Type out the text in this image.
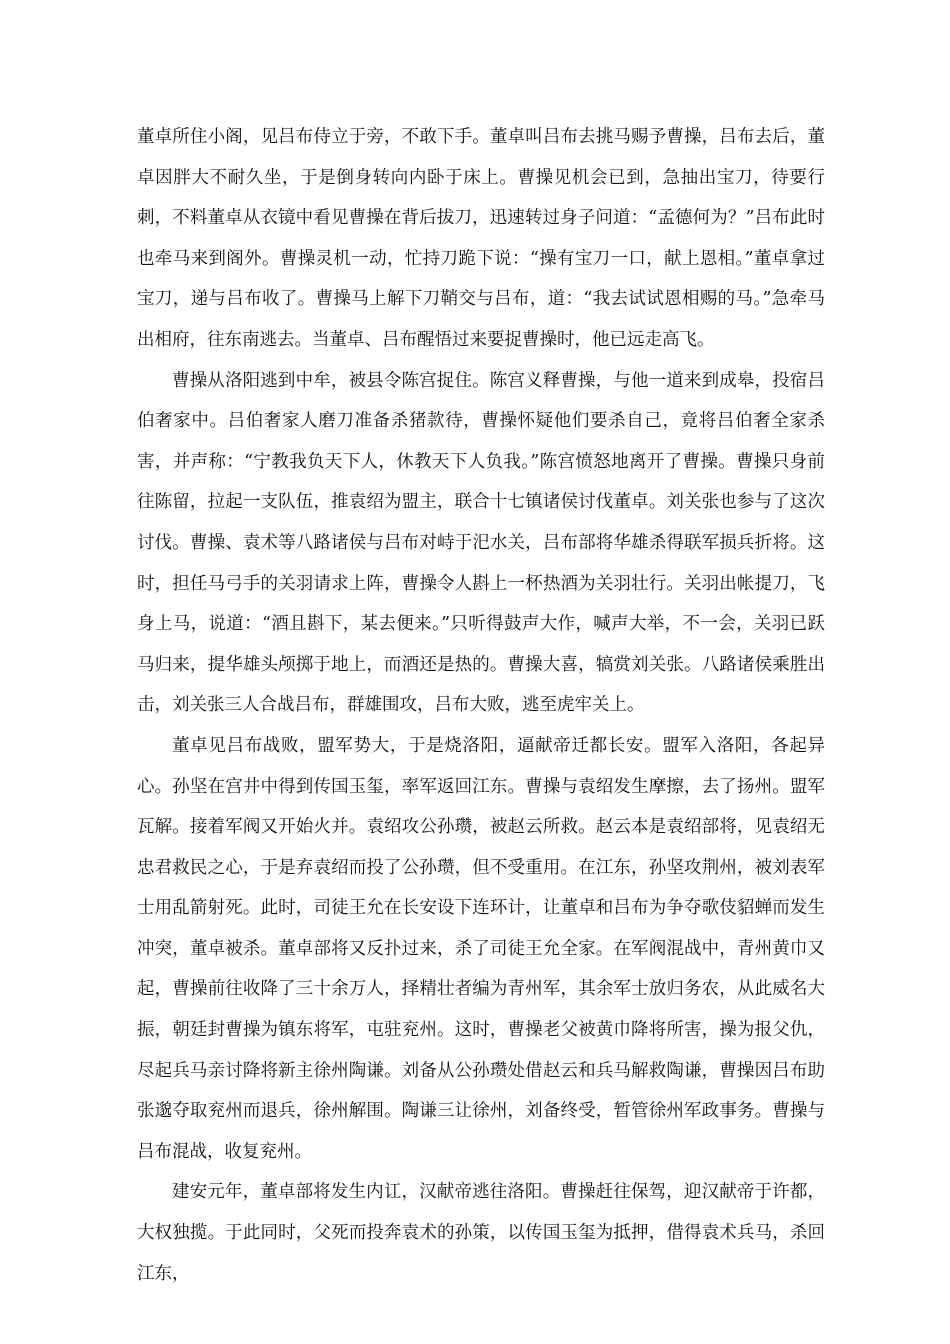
董卓所住小阁，见吕布侍立于旁，不敢下手。董卓叫吕布去挑马赐予曹操，吕布去后，董卓因胖大不耐久坐，于是倒身转向内卧于床上。曹操见机会已到，急抽出宝刀，待要行刺，不料董卓从衣镜中看见曹操在背后拔刀，迅速转过身子问道：“孟德何为？”吕布此时也牵马来到阁外。曹操灵机一动，忙持刀跪下说：“操有宝刀一口，献上恩相。”董卓拿过宝刀，递与吕布收了。曹操马上解下刀鞘交与吕布，道：“我去试试恩相赐的马。”急牵马出相府，往东南逃去。当董卓、吕布醒悟过来要捉曹操时，他已远走高飞。

曹操从洛阳逃到中牟，被县令陈宫捉住。陈宫义释曹操，与他一道来到成皋，投宿吕伯奢家中。吕伯奢家人磨刀准备杀猪款待，曹操怀疑他们要杀自己，竟将吕伯奢全家杀害，并声称：“宁教我负天下人，休教天下人负我。”陈宫愤怒地离开了曹操。曹操只身前往陈留，拉起一支队伍，推袁绍为盟主，联合十七镇诸侯讨伐董卓。刘关张也参与了这次讨伐。曹操、袁术等八路诸侯与吕布对峙于汜水关，吕布部将华雄杀得联军损兵折将。这时，担任马弓手的关羽请求上阵，曹操令人斟上一杯热酒为关羽壮行。关羽出帐提刀，飞身上马，说道：“酒且斟下，某去便来。”只听得鼓声大作，喊声大举，不一会，关羽已跃马归来，提华雄头颅掷于地上，而酒还是热的。曹操大喜，犒赏刘关张。八路诸侯乘胜出击，刘关张三人合战吕布，群雄围攻，吕布大败，逃至虎牢关上。

董卓见吕布战败，盟军势大，于是烧洛阳，逼献帝迁都长安。盟军入洛阳，各起异心。孙坚在宫井中得到传国玉玺，率军返回江东。曹操与袁绍发生摩擦，去了扬州。盟军瓦解。接着军阀又开始火并。袁绍攻公孙瓒，被赵云所救。赵云本是袁绍部将，见袁绍无忠君救民之心，于是弃袁绍而投了公孙瓒，但不受重用。在江东，孙坚攻荆州，被刘表军士用乱箭射死。此时，司徒王允在长安设下连环计，让董卓和吕布为争夺歌伎貂蝉而发生冲突，董卓被杀。董卓部将又反扑过来，杀了司徒王允全家。在军阀混战中，青州黄巾又起，曹操前往收降了三十余万人，择精壮者编为青州军，其余军士放归务农，从此威名大振，朝廷封曹操为镇东将军，屯驻兖州。这时，曹操老父被黄巾降将所害，操为报父仇，尽起兵马亲讨降将新主徐州陶谦。刘备从公孙瓒处借赵云和兵马解救陶谦，曹操因吕布助张邈夺取兖州而退兵，徐州解围。陶谦三让徐州，刘备终受，暂管徐州军政事务。曹操与吕布混战，收复兖州。

建安元年，董卓部将发生内讧，汉献帝逃往洛阳。曹操赶往保驾，迎汉献帝于许都，大权独揽。于此同时，父死而投奔袁术的孙策，以传国玉玺为抵押，借得袁术兵马，杀回江东，
